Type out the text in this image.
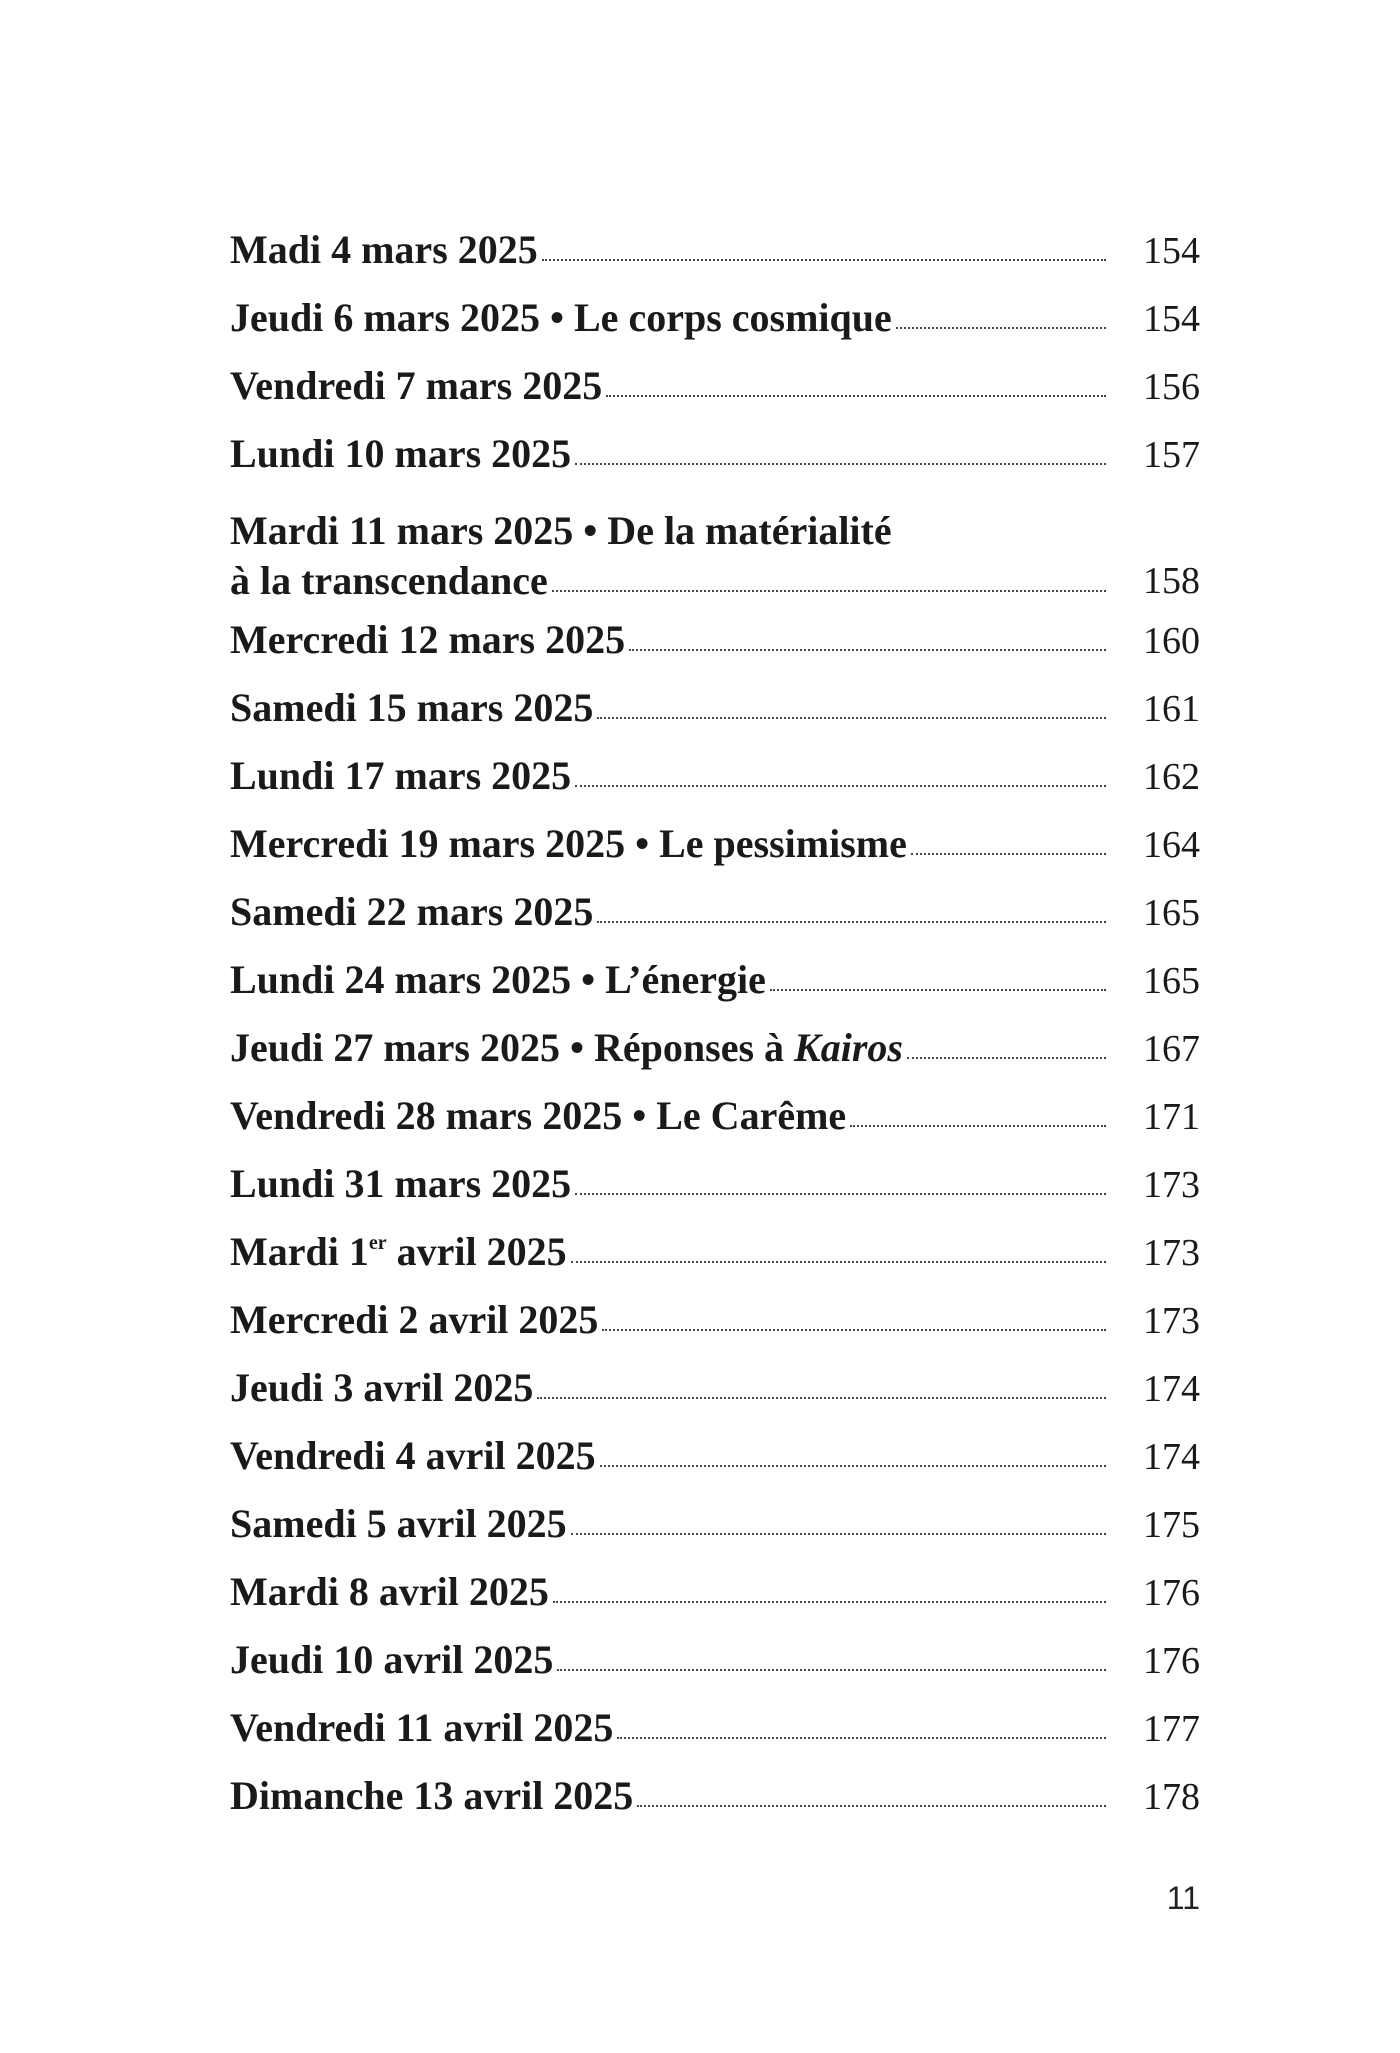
Madi 4 mars 2025	154
Jeudi 6 mars 2025 • Le corps cosmique	154
Vendredi 7 mars 2025	156
Lundi 10 mars 2025	157
Mardi 11 mars 2025 • De la matérialité
à la transcendance	158
Mercredi 12 mars 2025	160
Samedi 15 mars 2025	161
Lundi 17 mars 2025	162
Mercredi 19 mars 2025 • Le pessimisme	164
Samedi 22 mars 2025	165
Lundi 24 mars 2025 • L’énergie	165
Jeudi 27 mars 2025 • Réponses à Kairos	167
Vendredi 28 mars 2025 • Le Carême	171
Lundi 31 mars 2025	173
Mardi 1er avril 2025	173
Mercredi 2 avril 2025	173
Jeudi 3 avril 2025	174
Vendredi 4 avril 2025	174
Samedi 5 avril 2025	175
Mardi 8 avril 2025	176
Jeudi 10 avril 2025	176
Vendredi 11 avril 2025	177
Dimanche 13 avril 2025	178
11
